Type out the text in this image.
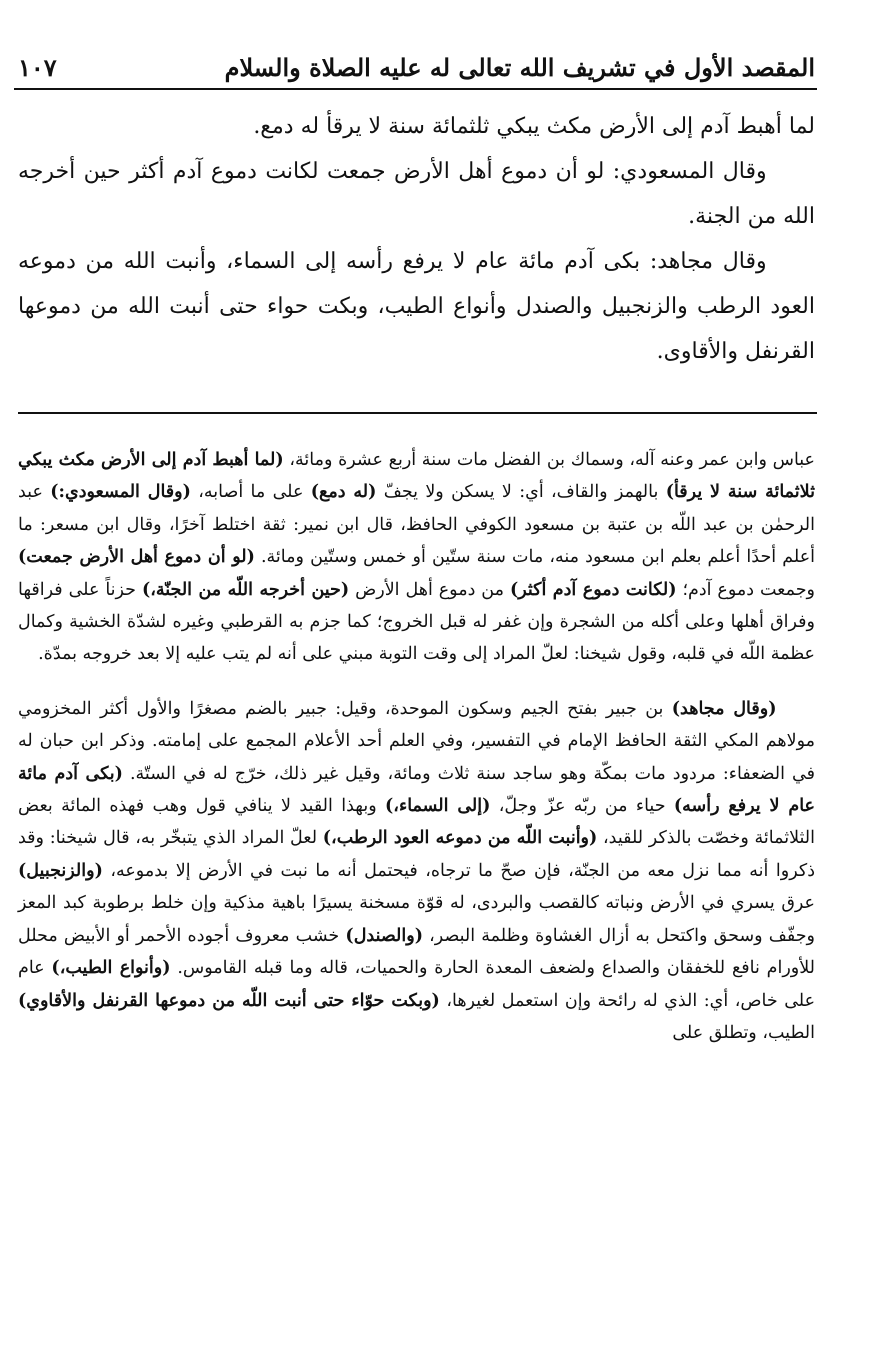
المقصد الأول في تشريف الله تعالى له عليه الصلاة والسلام
١٠٧

لما أهبط آدم إلى الأرض مكث يبكي ثلثمائة سنة لا يرقأ له دمع.

وقال المسعودي: لو أن دموع أهل الأرض جمعت لكانت دموع آدم أكثر حين أخرجه الله من الجنة.

وقال مجاهد: بكى آدم مائة عام لا يرفع رأسه إلى السماء، وأنبت الله من دموعه العود الرطب والزنجبيل والصندل وأنواع الطيب، وبكت حواء حتى أنبت الله من دموعها القرنفل والأقاوى.

عباس وابن عمر وعنه آله، وسماك بن الفضل مات سنة أربع عشرة ومائة، (لما أهبط آدم إلى الأرض مكث يبكي ثلاثمائة سنة لا يرقأ) بالهمز والقاف، أي: لا يسكن ولا يجفّ (له دمع) على ما أصابه، (وقال المسعودي:) عبد الرحمٰن بن عبد اللّه بن عتبة بن مسعود الكوفي الحافظ، قال ابن نمير: ثقة اختلط آخرًا، وقال ابن مسعر: ما أعلم أحدًا أعلم بعلم ابن مسعود منه، مات سنة ستّين أو خمس وستّين ومائة. (لو أن دموع أهل الأرض جمعت) وجمعت دموع آدم؛ (لكانت دموع آدم أكثر) من دموع أهل الأرض (حين أخرجه اللّه من الجنّة،) حزناً على فراقها وفراق أهلها وعلى أكله من الشجرة وإن غفر له قبل الخروج؛ كما جزم به القرطبي وغيره لشدّة الخشية وكمال عظمة اللّه في قلبه، وقول شيخنا: لعلّ المراد إلى وقت التوبة مبني على أنه لم يتب عليه إلا بعد خروجه بمدّة.

(وقال مجاهد) بن جبير بفتح الجيم وسكون الموحدة، وقيل: جبير بالضم مصغرًا والأول أكثر المخزومي مولاهم المكي الثقة الحافظ الإمام في التفسير، وفي العلم أحد الأعلام المجمع على إمامته. وذكر ابن حبان له في الضعفاء: مردود مات بمكّة وهو ساجد سنة ثلاث ومائة، وقيل غير ذلك، خرّج له في الستّة. (بكى آدم مائة عام لا يرفع رأسه) حياء من ربّه عزّ وجلّ، (إلى السماء،) وبهذا القيد لا ينافي قول وهب فهذه المائة بعض الثلاثمائة وخصّت بالذكر للقيد، (وأنبت اللّه من دموعه العود الرطب،) لعلّ المراد الذي يتبخّر به، قال شيخنا: وقد ذكروا أنه مما نزل معه من الجنّة، فإن صحّ ما ترجاه، فيحتمل أنه ما نبت في الأرض إلا بدموعه، (والزنجبيل) عرق يسري في الأرض ونباته كالقصب والبردى، له قوّة مسخنة يسيرًا باهية مذكية وإن خلط برطوبة كبد المعز وجفّف وسحق واكتحل به أزال الغشاوة وظلمة البصر، (والصندل) خشب معروف أجوده الأحمر أو الأبيض محلل للأورام نافع للخفقان والصداع ولضعف المعدة الحارة والحميات، قاله وما قبله القاموس. (وأنواع الطيب،) عام على خاص، أي: الذي له رائحة وإن استعمل لغيرها، (وبكت حوّاء حتى أنبت اللّه من دموعها القرنفل والأقاوي) الطيب، وتطلق على
